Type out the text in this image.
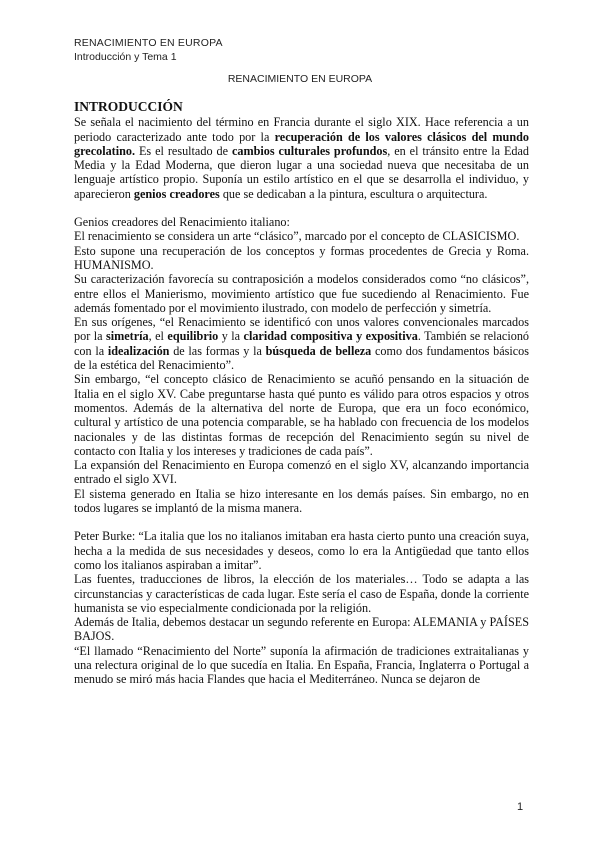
RENACIMIENTO EN EUROPA
Introducción y Tema 1
RENACIMIENTO EN EUROPA

INTRODUCCIÓN

Se señala el nacimiento del término en Francia durante el siglo XIX. Hace referencia a un periodo caracterizado ante todo por la recuperación de los valores clásicos del mundo grecolatino. Es el resultado de cambios culturales profundos, en el tránsito entre la Edad Media y la Edad Moderna, que dieron lugar a una sociedad nueva que necesitaba de un lenguaje artístico propio. Suponía un estilo artístico en el que se desarrolla el individuo, y aparecieron genios creadores que se dedicaban a la pintura, escultura o arquitectura.

Genios creadores del Renacimiento italiano:

El renacimiento se considera un arte “clásico”, marcado por el concepto de CLASICISMO.

Esto supone una recuperación de los conceptos y formas procedentes de Grecia y Roma. HUMANISMO.

Su caracterización favorecía su contraposición a modelos considerados como “no clásicos”, entre ellos el Manierismo, movimiento artístico que fue sucediendo al Renacimiento. Fue además fomentado por el movimiento ilustrado, con modelo de perfección y simetría.

En sus orígenes, “el Renacimiento se identificó con unos valores convencionales marcados por la simetría, el equilibrio y la claridad compositiva y expositiva. También se relacionó con la idealización de las formas y la búsqueda de belleza como dos fundamentos básicos de la estética del Renacimiento”.

Sin embargo, “el concepto clásico de Renacimiento se acuñó pensando en la situación de Italia en el siglo XV. Cabe preguntarse hasta qué punto es válido para otros espacios y otros momentos. Además de la alternativa del norte de Europa, que era un foco económico, cultural y artístico de una potencia comparable, se ha hablado con frecuencia de los modelos nacionales y de las distintas formas de recepción del Renacimiento según su nivel de contacto con Italia y los intereses y tradiciones de cada país”.

La expansión del Renacimiento en Europa comenzó en el siglo XV, alcanzando importancia entrado el siglo XVI.

El sistema generado en Italia se hizo interesante en los demás países. Sin embargo, no en todos lugares se implantó de la misma manera.

Peter Burke: “La italia que los no italianos imitaban era hasta cierto punto una creación suya, hecha a la medida de sus necesidades y deseos, como lo era la Antigüedad que tanto ellos como los italianos aspiraban a imitar”.

Las fuentes, traducciones de libros, la elección de los materiales… Todo se adapta a las circunstancias y características de cada lugar. Este sería el caso de España, donde la corriente humanista se vio especialmente condicionada por la religión.

Además de Italia, debemos destacar un segundo referente en Europa: ALEMANIA y PAÍSES BAJOS.

“El llamado “Renacimiento del Norte” suponía la afirmación de tradiciones extraitalianas y una relectura original de lo que sucedía en Italia. En España, Francia, Inglaterra o Portugal a menudo se miró más hacia Flandes que hacia el Mediterráneo. Nunca se dejaron de

1
